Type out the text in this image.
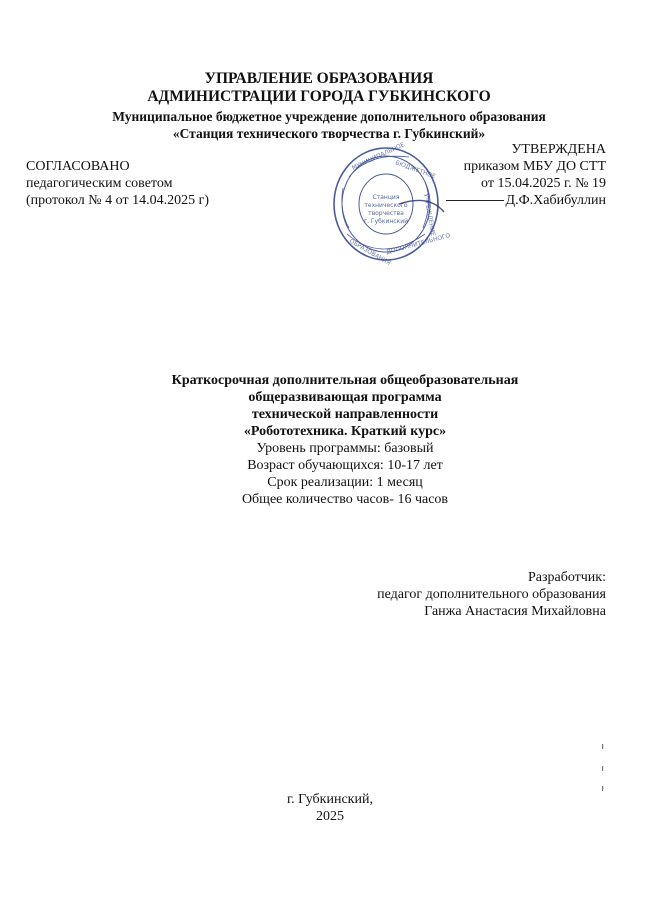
УПРАВЛЕНИЕ ОБРАЗОВАНИЯ
АДМИНИСТРАЦИИ ГОРОДА ГУБКИНСКОГО
Муниципальное бюджетное учреждение дополнительного образования
«Станция технического творчества г. Губкинский»
СОГЛАСОВАНО
педагогическим советом
(протокол № 4 от 14.04.2025 г)
МУНИЦИПАЛЬНОЕ
БЮДЖЕТНОЕ
УЧРЕЖДЕНИЕ
ОБРАЗОВАНИЯ
ДОПОЛНИТЕЛЬНОГО
Станция
технического
творчества
г. Губкинский
УТВЕРЖДЕНА
приказом МБУ ДО СТТ
от 15.04.2025 г. № 19
Д.Ф.Хабибуллин
Краткосрочная дополнительная общеобразовательная
общеразвивающая программа
технической направленности
«Робототехника. Краткий курс»
Уровень программы: базовый
Возраст обучающихся: 10-17 лет
Срок реализации: 1 месяц
Общее количество часов- 16 часов
Разработчик:
педагог дополнительного образования
Ганжа Анастасия Михайловна
г. Губкинский,
2025
